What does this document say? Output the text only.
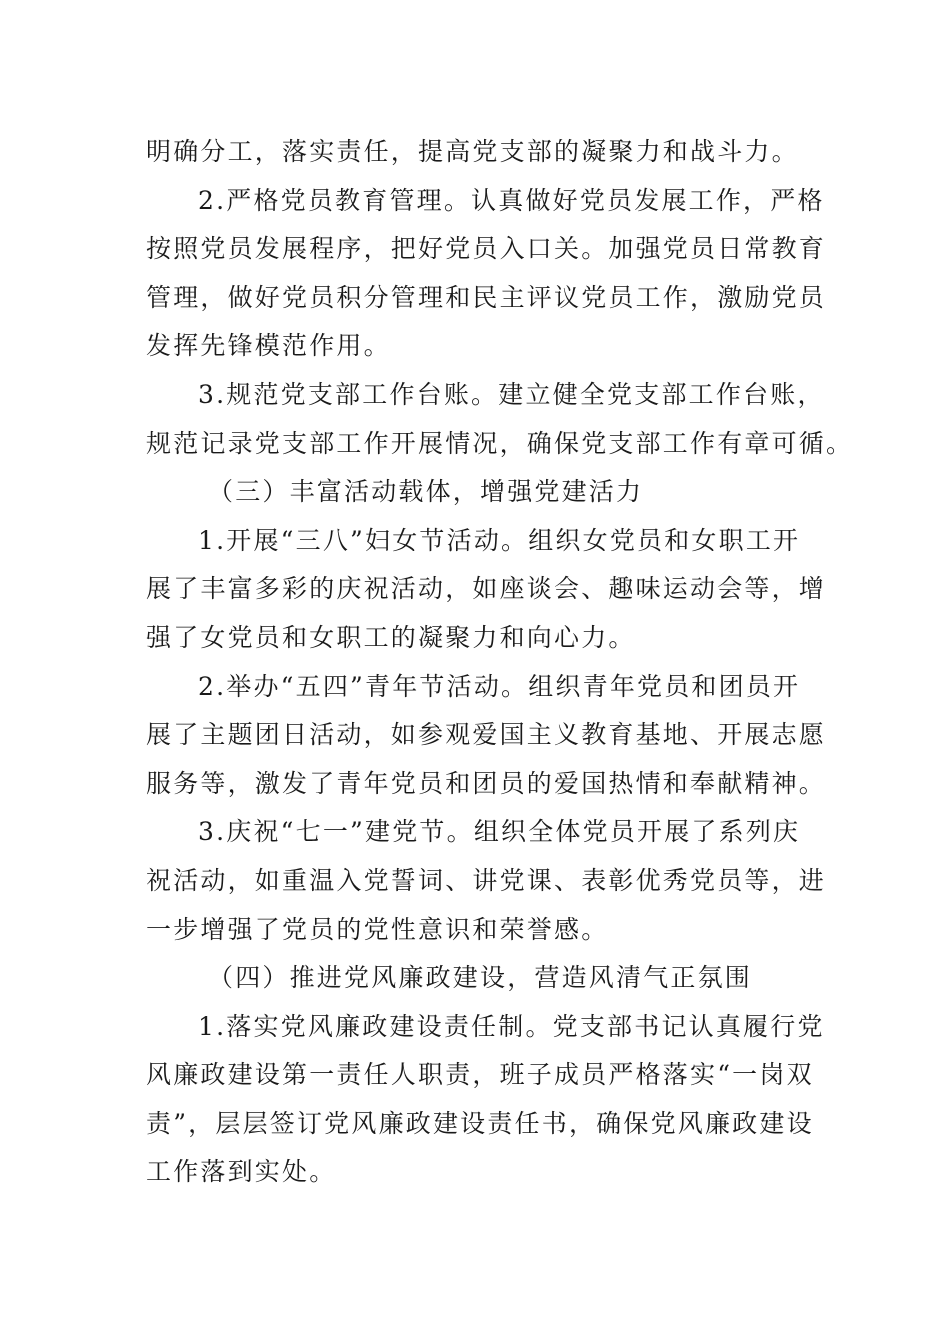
明确分工，落实责任，提高党支部的凝聚力和战斗力。
2.严格党员教育管理。认真做好党员发展工作，严格
按照党员发展程序，把好党员入口关。加强党员日常教育
管理，做好党员积分管理和民主评议党员工作，激励党员
发挥先锋模范作用。
3.规范党支部工作台账。建立健全党支部工作台账，
规范记录党支部工作开展情况，确保党支部工作有章可循。
（三）丰富活动载体，增强党建活力
1.开展“三八”妇女节活动。组织女党员和女职工开
展了丰富多彩的庆祝活动，如座谈会、趣味运动会等，增
强了女党员和女职工的凝聚力和向心力。
2.举办“五四”青年节活动。组织青年党员和团员开
展了主题团日活动，如参观爱国主义教育基地、开展志愿
服务等，激发了青年党员和团员的爱国热情和奉献精神。
3.庆祝“七一”建党节。组织全体党员开展了系列庆
祝活动，如重温入党誓词、讲党课、表彰优秀党员等，进
一步增强了党员的党性意识和荣誉感。
（四）推进党风廉政建设，营造风清气正氛围
1.落实党风廉政建设责任制。党支部书记认真履行党
风廉政建设第一责任人职责，班子成员严格落实“一岗双
责”，层层签订党风廉政建设责任书，确保党风廉政建设
工作落到实处。
